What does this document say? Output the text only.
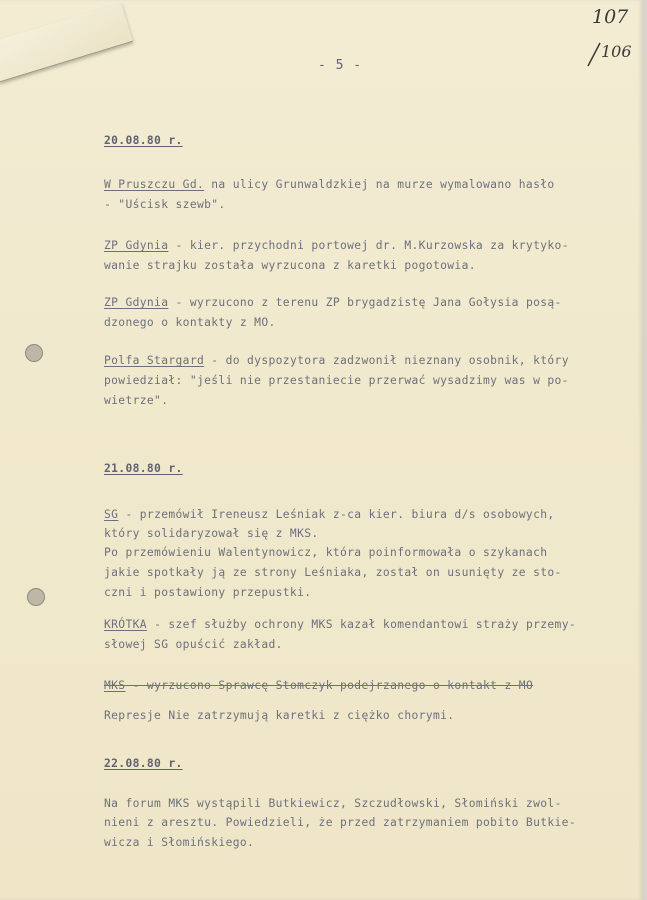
107
106
- 5 -
20.08.80 r.
W Pruszczu Gd. na ulicy Grunwaldzkiej na murze wymalowano hasło
- "Uścisk szewb".
ZP Gdynia - kier. przychodni portowej dr. M.Kurzowska za krytyko-
wanie strajku została wyrzucona z karetki pogotowia.
ZP Gdynia - wyrzucono z terenu ZP brygadzistę Jana Gołysia posą-
dzonego o kontakty z MO.
Polfa Stargard - do dyspozytora zadzwonił nieznany osobnik, który
powiedział: "jeśli nie przestaniecie przerwać wysadzimy was w po-
wietrze".
21.08.80 r.
SG - przemówił Ireneusz Leśniak z-ca kier. biura d/s osobowych,
który solidaryzował się z MKS.
Po przemówieniu Walentynowicz, która poinformowała o szykanach
jakie spotkały ją ze strony Leśniaka, został on usunięty ze sto-
czni i postawiony przepustki.
KRÓTKA - szef służby ochrony MKS kazał komendantowi straży przemy-
słowej SG opuścić zakład.
MKS - wyrzucono Sprawcę Stomczyk podejrzanego o kontakt z MO
Represje Nie zatrzymują karetki z ciężko chorymi.
22.08.80 r.
Na forum MKS wystąpili Butkiewicz, Szczudłowski, Słomiński zwol-
nieni z aresztu. Powiedzieli, że przed zatrzymaniem pobito Butkie-
wicza i Słomińskiego.
